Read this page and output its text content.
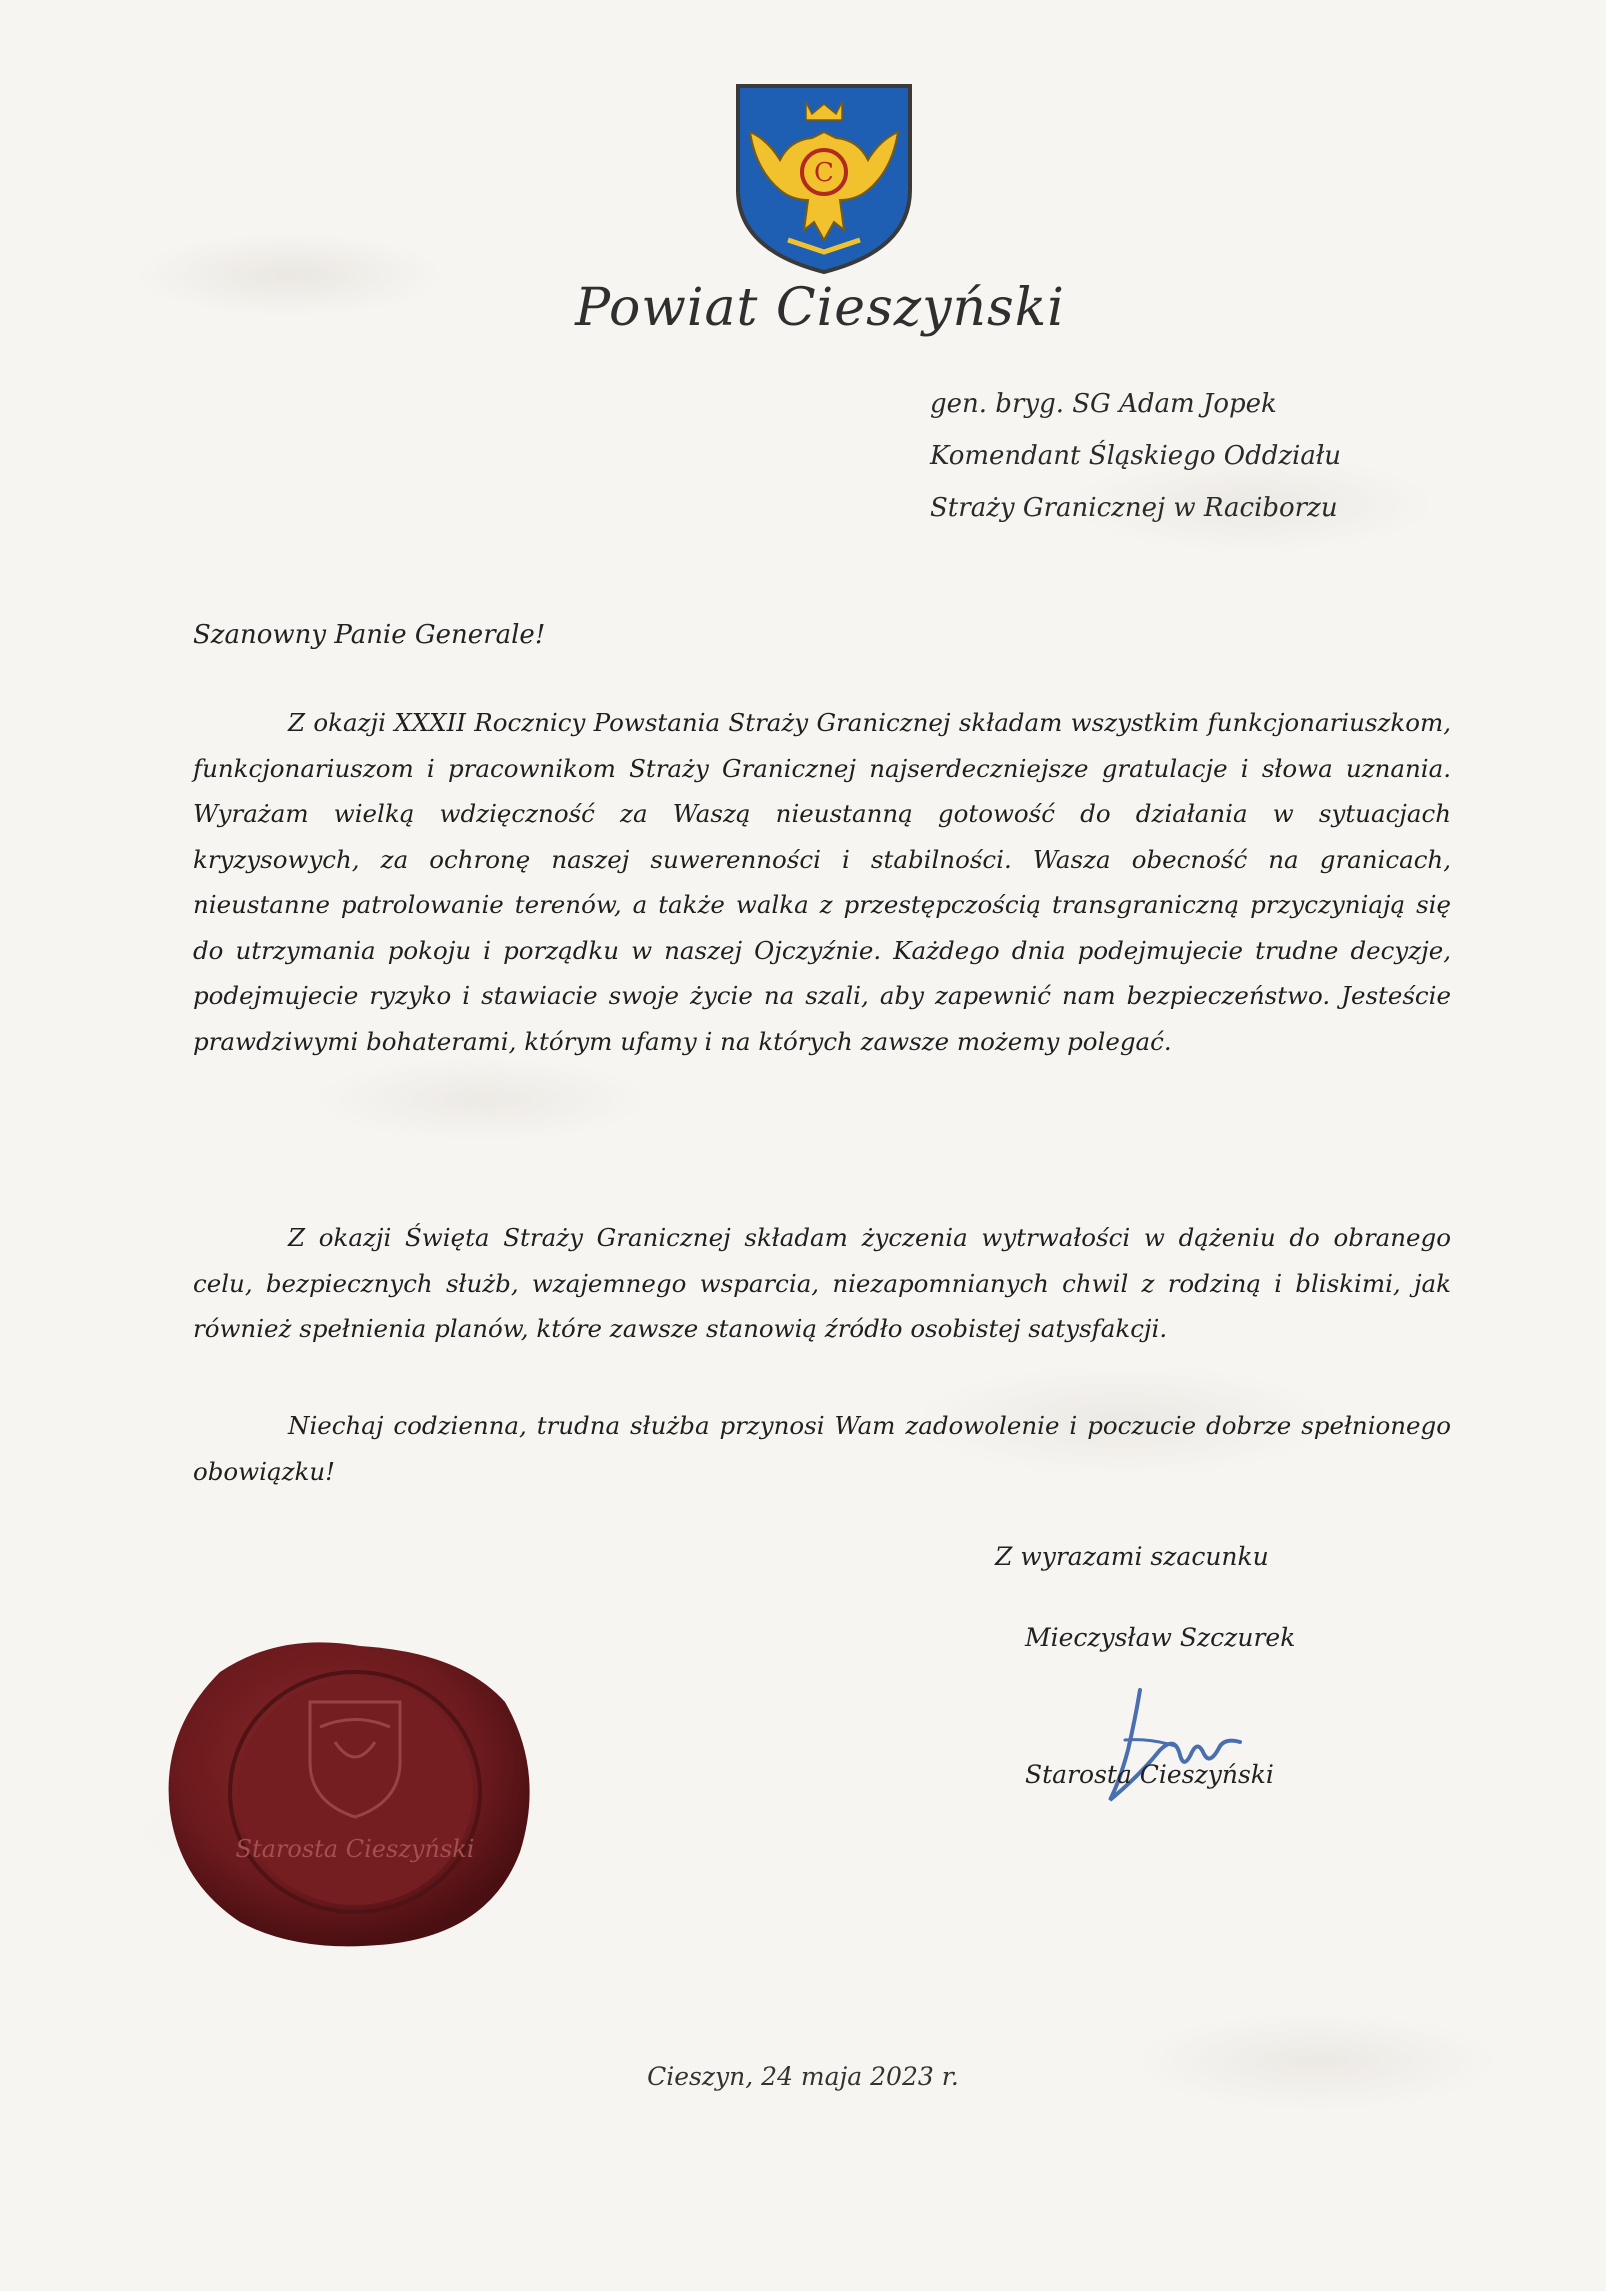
C
Powiat Cieszyński
gen. bryg. SG Adam Jopek
Komendant Śląskiego Oddziału
Straży Granicznej w Raciborzu
Szanowny Panie Generale!

Z okazji XXXII Rocznicy Powstania Straży Granicznej składam wszystkim funkcjonariuszkom, funkcjonariuszom i pracownikom Straży Granicznej najserdeczniejsze gratulacje i słowa uznania. Wyrażam wielką wdzięczność za Waszą nieustanną gotowość do działania w sytuacjach kryzysowych, za ochronę naszej suwerenności i stabilności. Wasza obecność na granicach, nieustanne patrolowanie terenów, a także walka z przestępczością transgraniczną przyczyniają się do utrzymania pokoju i porządku w naszej Ojczyźnie. Każdego dnia podejmujecie trudne decyzje, podejmujecie ryzyko i stawiacie swoje życie na szali, aby zapewnić nam bezpieczeństwo. Jesteście prawdziwymi bohaterami, którym ufamy i na których zawsze możemy polegać.

Z okazji Święta Straży Granicznej składam życzenia wytrwałości w dążeniu do obranego celu, bezpiecznych służb, wzajemnego wsparcia, niezapomnianych chwil z rodziną i bliskimi, jak również spełnienia planów, które zawsze stanowią źródło osobistej satysfakcji.

Niechaj codzienna, trudna służba przynosi Wam zadowolenie i poczucie dobrze spełnionego obowiązku!

Z wyrazami szacunku
Mieczysław Szczurek
Starosta Cieszyński
Starosta Cieszyński
Cieszyn, 24 maja 2023 r.
